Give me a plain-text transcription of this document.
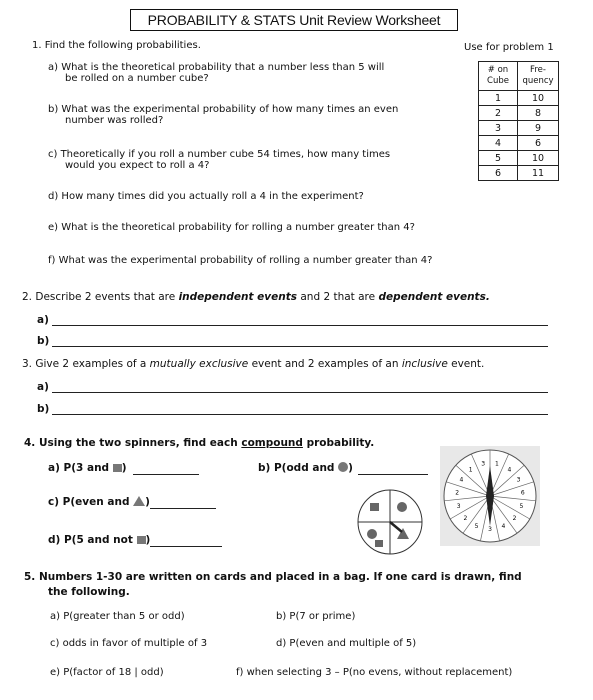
PROBABILITY & STATS Unit Review Worksheet
1. Find the following probabilities.
a) What is the theoretical probability that a number less than 5 will
be rolled on a number cube?
b) What was the experimental probability of how many times an even
number was rolled?
c) Theoretically if you roll a number cube 54 times, how many times
would you expect to roll a 4?
d) How many times did you actually roll a 4 in the experiment?
e) What is the theoretical probability for rolling a number greater than 4?
f) What was the experimental probability of rolling a number greater than 4?
Use for problem 1
# on Cube	Fre-quency
1	10
2	8
3	9
4	6
5	10
6	11
2. Describe 2 events that are independent events and 2 that are dependent events.
a)
b)
3. Give 2 examples of a mutually exclusive event and 2 examples of an inclusive event.
a)
b)
4. Using the two spinners, find each compound probability.
a) P(3 and )	b) P(odd and )
c) P(even and )
d) P(5 and not )
1
4
3
6
5
2
4
3
5
2
3
2
4
1
3
5. Numbers 1-30 are written on cards and placed in a bag. If one card is drawn, find
the following.
a) P(greater than 5 or odd)	b) P(7 or prime)
c) odds in favor of multiple of 3	d) P(even and multiple of 5)
e) P(factor of 18 | odd)	f) when selecting 3 – P(no evens, without replacement)
